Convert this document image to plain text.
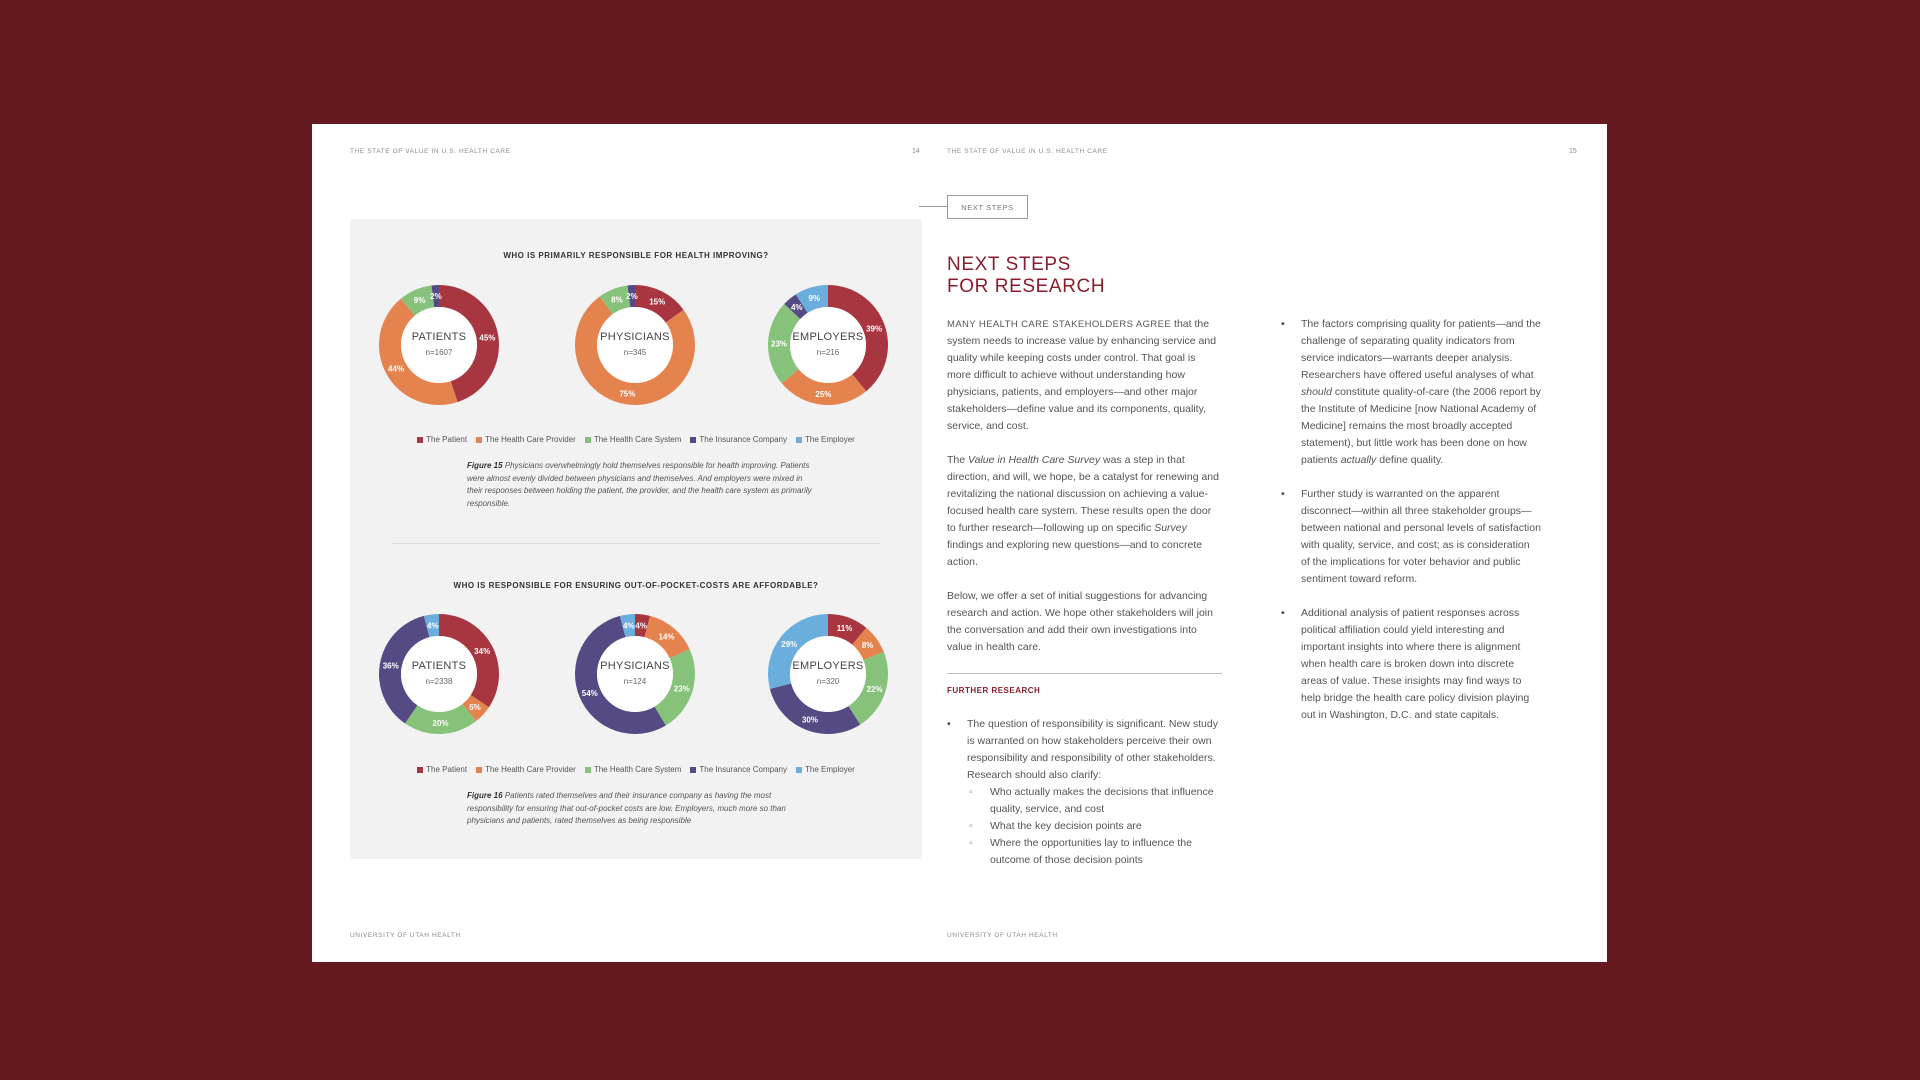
THE STATE OF VALUE IN U.S. HEALTH CARE	14
WHO IS PRIMARILY RESPONSIBLE FOR HEALTH IMPROVING?
45%
44%
9% 2%
PATIENTS
n=1607
15%
75%
8% 2%
PHYSICIANS
n=345
39%
25%
23%
4%
9%
EMPLOYERS
n=216
The Patient The Health Care Provider The Health Care System The Insurance Company The Employer
Figure 15 Physicians overwhelmingly hold themselves responsible for health improving. Patients were almost evenly divided between physicians and themselves. And employers were mixed in their responses between holding the patient, the provider, and the health care system as primarily responsible.
WHO IS RESPONSIBLE FOR ENSURING OUT-OF-POCKET-COSTS ARE AFFORDABLE?
34%
5%
20%
36%
4%
PATIENTS
n=2338
4%
14%
23%
54%
4%
PHYSICIANS
n=124
11%
8%
22%
30%
29%
EMPLOYERS
n=320
The Patient The Health Care Provider The Health Care System The Insurance Company The Employer
Figure 16 Patients rated themselves and their insurance company as having the most responsibility for ensuring that out-of-pocket costs are low. Employers, much more so than physicians and patients, rated themselves as being responsible
UNIVERSITY OF UTAH HEALTH
THE STATE OF VALUE IN U.S. HEALTH CARE	15
NEXT STEPS
NEXT STEPS
FOR RESEARCH

MANY HEALTH CARE STAKEHOLDERS AGREE that the system needs to increase value by enhancing service and quality while keeping costs under control. That goal is more difficult to achieve without understanding how physicians, patients, and employers—and other major stakeholders—define value and its components, quality, service, and cost.

The Value in Health Care Survey was a step in that direction, and will, we hope, be a catalyst for renewing and revitalizing the national discussion on achieving a value-focused health care system. These results open the door to further research—following up on specific Survey findings and exploring new questions—and to concrete action.

Below, we offer a set of initial suggestions for advancing research and action. We hope other stakeholders will join the conversation and add their own investigations into value in health care.

FURTHER RESEARCH
• The question of responsibility is significant. New study is warranted on how stakeholders perceive their own responsibility and responsibility of other stakeholders. Research should also clarify:
◦ Who actually makes the decisions that influence quality, service, and cost
◦ What the key decision points are
◦ Where the opportunities lay to influence the outcome of those decision points
• The factors comprising quality for patients—and the challenge of separating quality indicators from service indicators—warrants deeper analysis. Researchers have offered useful analyses of what should constitute quality-of-care (the 2006 report by the Institute of Medicine [now National Academy of Medicine] remains the most broadly accepted statement), but little work has been done on how patients actually define quality.
• Further study is warranted on the apparent disconnect—within all three stakeholder groups—between national and personal levels of satisfaction with quality, service, and cost; as is consideration of the implications for voter behavior and public sentiment toward reform.
• Additional analysis of patient responses across political affiliation could yield interesting and important insights into where there is alignment when health care is broken down into discrete areas of value. These insights may find ways to help bridge the health care policy division playing out in Washington, D.C. and state capitals.
UNIVERSITY OF UTAH HEALTH
